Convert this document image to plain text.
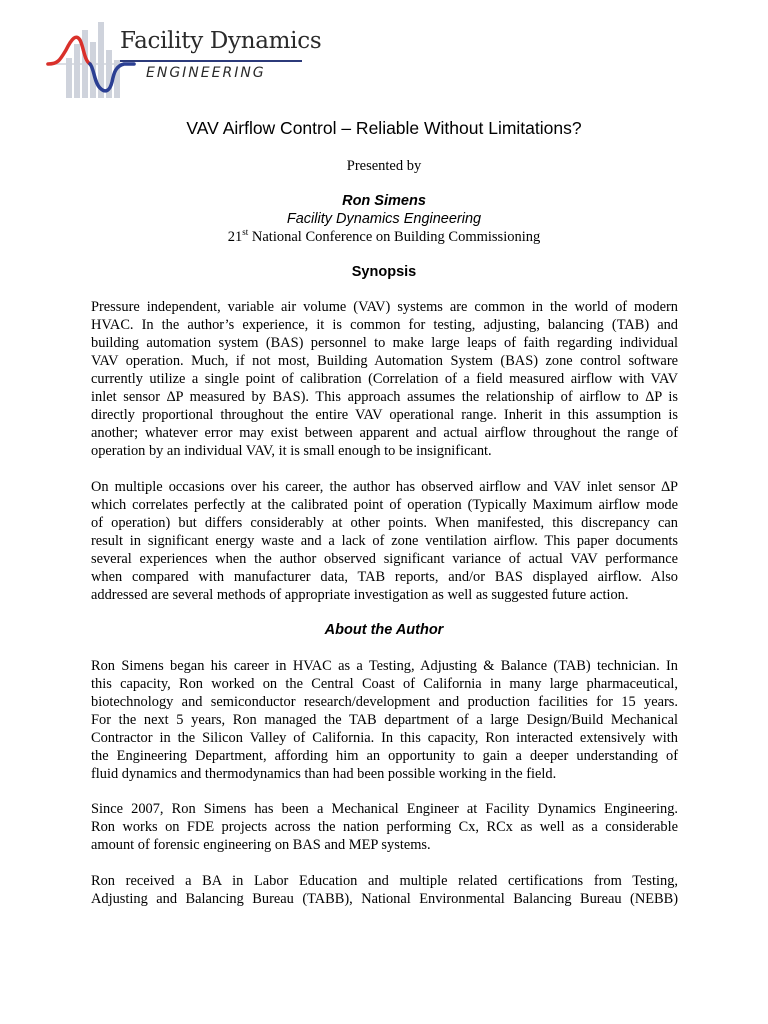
Facility Dynamics
ENGINEERING
VAV Airflow Control – Reliable Without Limitations?
Presented by
Ron Simens
Facility Dynamics Engineering
21st National Conference on Building Commissioning
Synopsis
Pressure independent, variable air volume (VAV) systems are common in the world of modern
HVAC. In the author’s experience, it is common for testing, adjusting, balancing (TAB) and
building automation system (BAS) personnel to make large leaps of faith regarding individual
VAV operation. Much, if not most, Building Automation System (BAS) zone control software
currently utilize a single point of calibration (Correlation of a field measured airflow with VAV
inlet sensor ∆P measured by BAS). This approach assumes the relationship of airflow to ∆P is
directly proportional throughout the entire VAV operational range. Inherit in this assumption is
another; whatever error may exist between apparent and actual airflow throughout the range of
operation by an individual VAV, it is small enough to be insignificant.
On multiple occasions over his career, the author has observed airflow and VAV inlet sensor ∆P
which correlates perfectly at the calibrated point of operation (Typically Maximum airflow mode
of operation) but differs considerably at other points. When manifested, this discrepancy can
result in significant energy waste and a lack of zone ventilation airflow. This paper documents
several experiences when the author observed significant variance of actual VAV performance
when compared with manufacturer data, TAB reports, and/or BAS displayed airflow. Also
addressed are several methods of appropriate investigation as well as suggested future action.
About the Author
Ron Simens began his career in HVAC as a Testing, Adjusting & Balance (TAB) technician. In
this capacity, Ron worked on the Central Coast of California in many large pharmaceutical,
biotechnology and semiconductor research/development and production facilities for 15 years.
For the next 5 years, Ron managed the TAB department of a large Design/Build Mechanical
Contractor in the Silicon Valley of California. In this capacity, Ron interacted extensively with
the Engineering Department, affording him an opportunity to gain a deeper understanding of
fluid dynamics and thermodynamics than had been possible working in the field.
Since 2007, Ron Simens has been a Mechanical Engineer at Facility Dynamics Engineering.
Ron works on FDE projects across the nation performing Cx, RCx as well as a considerable
amount of forensic engineering on BAS and MEP systems.
Ron received a BA in Labor Education and multiple related certifications from Testing,
Adjusting and Balancing Bureau (TABB), National Environmental Balancing Bureau (NEBB)
